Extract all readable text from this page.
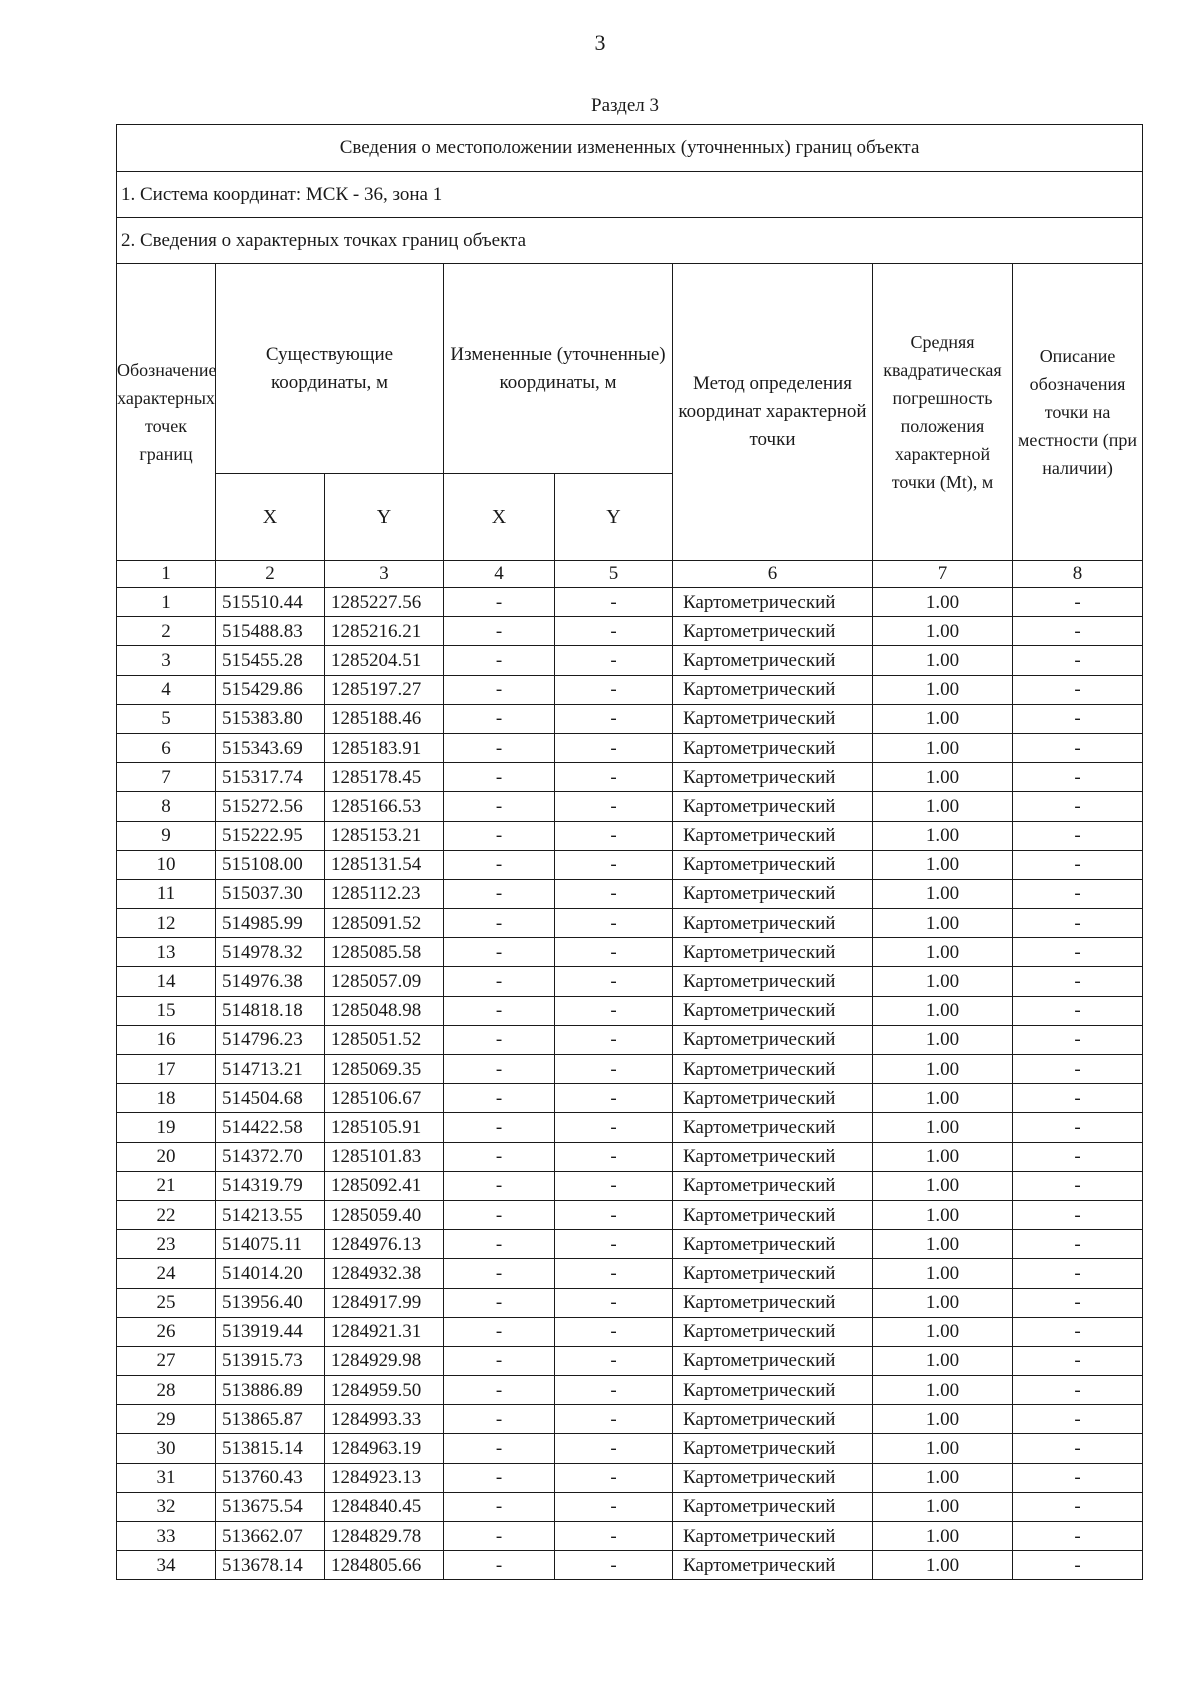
3
Раздел 3
Сведения о местоположении измененных (уточненных) границ объекта							
1. Система координат: МСК - 36, зона 1							
2. Сведения о характерных точках границ объекта							
Обозначение характерных точек границ	Существующие координаты, м		Измененные (уточненные) координаты, м		Метод определения координат характерной точки	Средняя квадратическая погрешность положения характерной точки (Mt), м	Описание обозначения точки на местности (при наличии)
	X	Y	X	Y			
1	2	3	4	5	6	7	8
1	515510.44	1285227.56	-	-	Картометрический	1.00	-
2	515488.83	1285216.21	-	-	Картометрический	1.00	-
3	515455.28	1285204.51	-	-	Картометрический	1.00	-
4	515429.86	1285197.27	-	-	Картометрический	1.00	-
5	515383.80	1285188.46	-	-	Картометрический	1.00	-
6	515343.69	1285183.91	-	-	Картометрический	1.00	-
7	515317.74	1285178.45	-	-	Картометрический	1.00	-
8	515272.56	1285166.53	-	-	Картометрический	1.00	-
9	515222.95	1285153.21	-	-	Картометрический	1.00	-
10	515108.00	1285131.54	-	-	Картометрический	1.00	-
11	515037.30	1285112.23	-	-	Картометрический	1.00	-
12	514985.99	1285091.52	-	-	Картометрический	1.00	-
13	514978.32	1285085.58	-	-	Картометрический	1.00	-
14	514976.38	1285057.09	-	-	Картометрический	1.00	-
15	514818.18	1285048.98	-	-	Картометрический	1.00	-
16	514796.23	1285051.52	-	-	Картометрический	1.00	-
17	514713.21	1285069.35	-	-	Картометрический	1.00	-
18	514504.68	1285106.67	-	-	Картометрический	1.00	-
19	514422.58	1285105.91	-	-	Картометрический	1.00	-
20	514372.70	1285101.83	-	-	Картометрический	1.00	-
21	514319.79	1285092.41	-	-	Картометрический	1.00	-
22	514213.55	1285059.40	-	-	Картометрический	1.00	-
23	514075.11	1284976.13	-	-	Картометрический	1.00	-
24	514014.20	1284932.38	-	-	Картометрический	1.00	-
25	513956.40	1284917.99	-	-	Картометрический	1.00	-
26	513919.44	1284921.31	-	-	Картометрический	1.00	-
27	513915.73	1284929.98	-	-	Картометрический	1.00	-
28	513886.89	1284959.50	-	-	Картометрический	1.00	-
29	513865.87	1284993.33	-	-	Картометрический	1.00	-
30	513815.14	1284963.19	-	-	Картометрический	1.00	-
31	513760.43	1284923.13	-	-	Картометрический	1.00	-
32	513675.54	1284840.45	-	-	Картометрический	1.00	-
33	513662.07	1284829.78	-	-	Картометрический	1.00	-
34	513678.14	1284805.66	-	-	Картометрический	1.00	-
